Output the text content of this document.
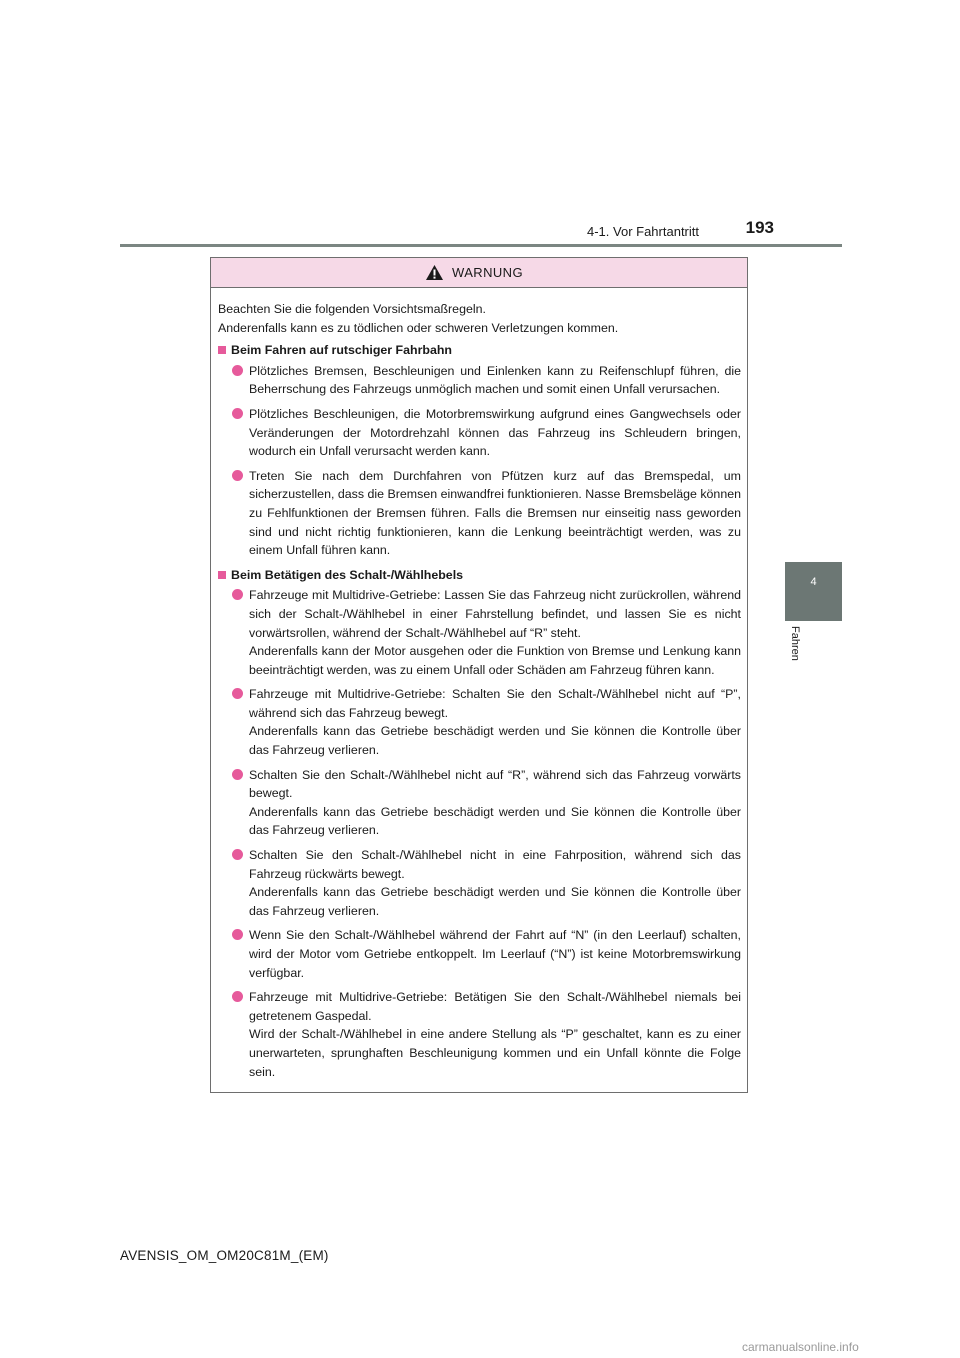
4-1. Vor Fahrtantritt	193
4
Fahren
WARNUNG

Beachten Sie die folgenden Vorsichtsmaßregeln.

Anderenfalls kann es zu tödlichen oder schweren Verletzungen kommen.

Beim Fahren auf rutschiger Fahrbahn
Plötzliches Bremsen, Beschleunigen und Einlenken kann zu Reifenschlupf führen, die Beherrschung des Fahrzeugs unmöglich machen und somit einen Unfall verursachen.
Plötzliches Beschleunigen, die Motorbremswirkung aufgrund eines Gangwechsels oder Veränderungen der Motordrehzahl können das Fahrzeug ins Schleudern bringen, wodurch ein Unfall verursacht werden kann.
Treten Sie nach dem Durchfahren von Pfützen kurz auf das Bremspedal, um sicherzustellen, dass die Bremsen einwandfrei funktionieren. Nasse Bremsbeläge können zu Fehlfunktionen der Bremsen führen. Falls die Bremsen nur einseitig nass geworden sind und nicht richtig funktionieren, kann die Lenkung beeinträchtigt werden, was zu einem Unfall führen kann.
Beim Betätigen des Schalt-/Wählhebels
Fahrzeuge mit Multidrive-Getriebe: Lassen Sie das Fahrzeug nicht zurückrollen, während sich der Schalt-/Wählhebel in einer Fahrstellung befindet, und lassen Sie es nicht vorwärtsrollen, während der Schalt-/Wählhebel auf “R” steht.
Anderenfalls kann der Motor ausgehen oder die Funktion von Bremse und Lenkung kann beeinträchtigt werden, was zu einem Unfall oder Schäden am Fahrzeug führen kann.
Fahrzeuge mit Multidrive-Getriebe: Schalten Sie den Schalt-/Wählhebel nicht auf “P”, während sich das Fahrzeug bewegt.
Anderenfalls kann das Getriebe beschädigt werden und Sie können die Kontrolle über das Fahrzeug verlieren.
Schalten Sie den Schalt-/Wählhebel nicht auf “R”, während sich das Fahrzeug vorwärts bewegt.
Anderenfalls kann das Getriebe beschädigt werden und Sie können die Kontrolle über das Fahrzeug verlieren.
Schalten Sie den Schalt-/Wählhebel nicht in eine Fahrposition, während sich das Fahrzeug rückwärts bewegt.
Anderenfalls kann das Getriebe beschädigt werden und Sie können die Kontrolle über das Fahrzeug verlieren.
Wenn Sie den Schalt-/Wählhebel während der Fahrt auf “N” (in den Leerlauf) schalten, wird der Motor vom Getriebe entkoppelt. Im Leerlauf (“N”) ist keine Motorbremswirkung verfügbar.
Fahrzeuge mit Multidrive-Getriebe: Betätigen Sie den Schalt-/Wählhebel niemals bei getretenem Gaspedal.
Wird der Schalt-/Wählhebel in eine andere Stellung als “P” geschaltet, kann es zu einer unerwarteten, sprunghaften Beschleunigung kommen und ein Unfall könnte die Folge sein.
AVENSIS_OM_OM20C81M_(EM)
carmanualsonline.info
